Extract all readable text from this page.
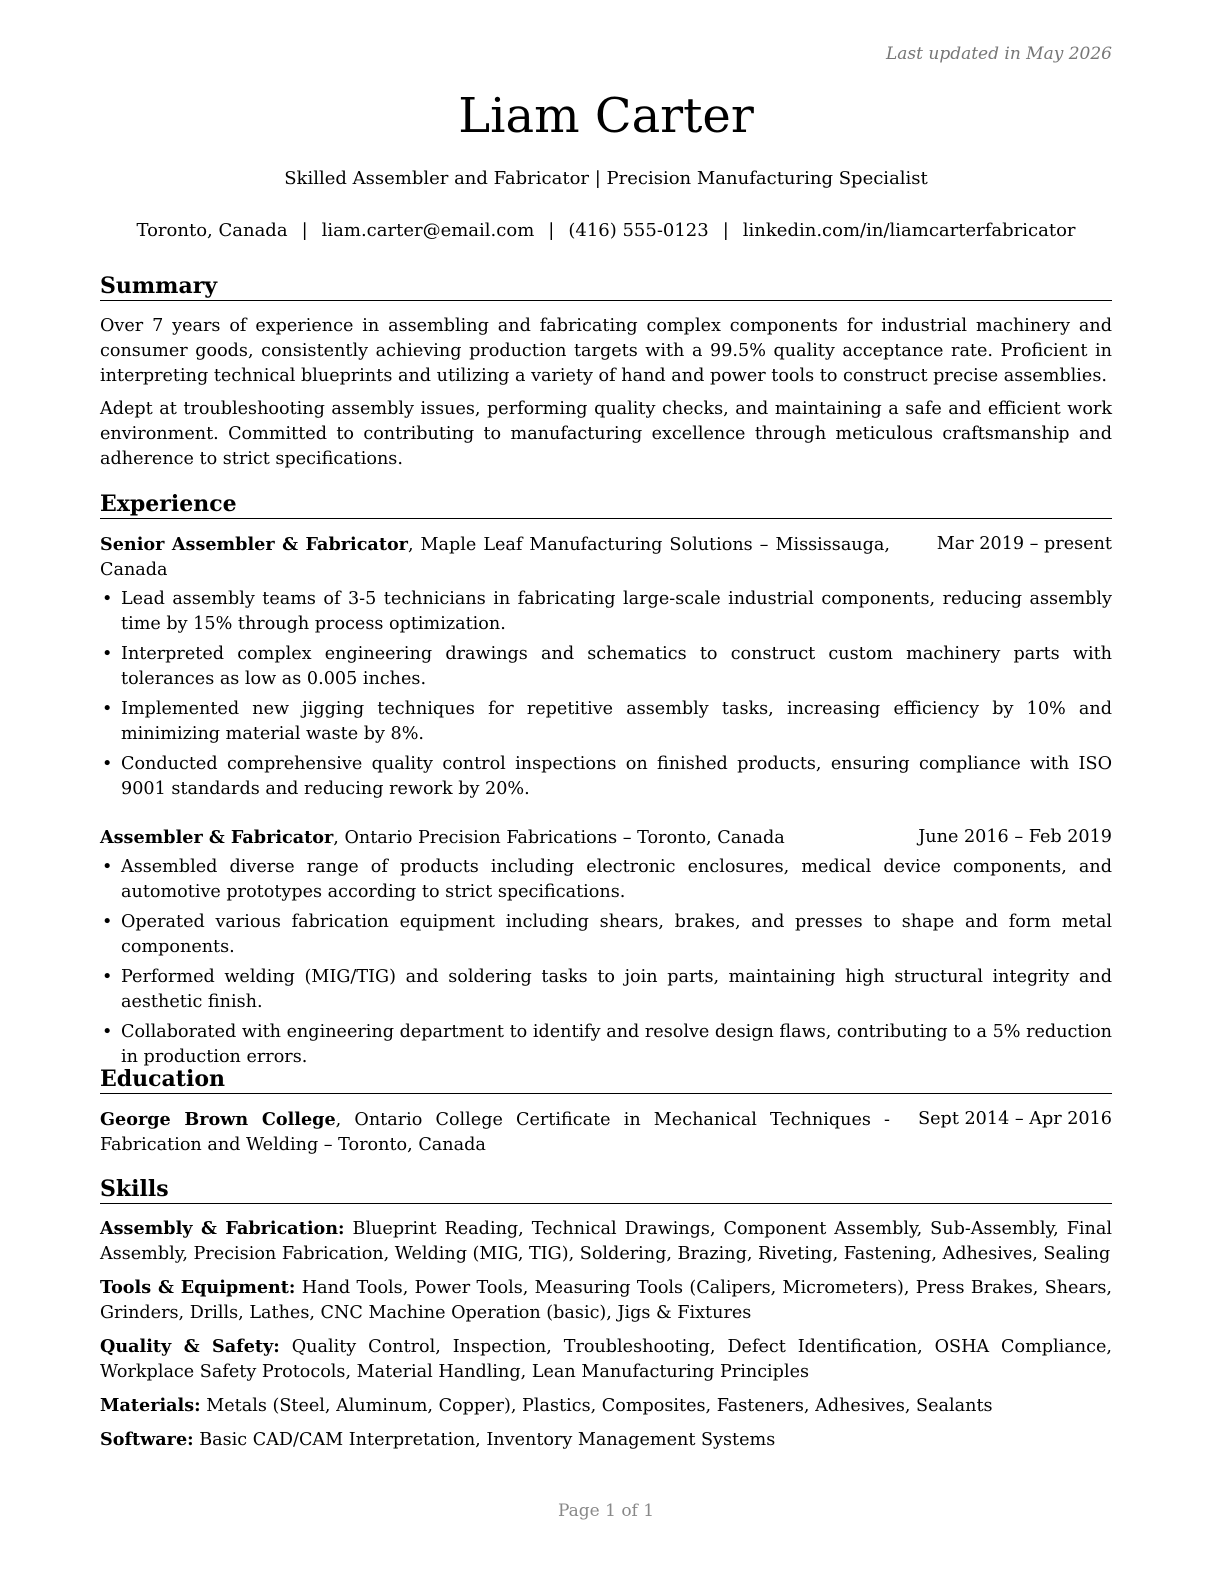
Last updated in May 2026
Liam Carter
Skilled Assembler and Fabricator | Precision Manufacturing Specialist
Toronto, Canada | liam.carter@email.com | (416) 555-0123 | linkedin.com/in/liamcarterfabricator
Summary

Over 7 years of experience in assembling and fabricating complex components for industrial machinery and consumer goods, consistently achieving production targets with a 99.5% quality acceptance rate. Proficient in interpreting technical blueprints and utilizing a variety of hand and power tools to construct precise assemblies.

Adept at troubleshooting assembly issues, performing quality checks, and maintaining a safe and efficient work environment. Committed to contributing to manufacturing excellence through meticulous craftsmanship and adherence to strict specifications.

Experience
Senior Assembler & Fabricator, Maple Leaf Manufacturing Solutions – Mississauga, Canada
Mar 2019 – present
• Lead assembly teams of 3-5 technicians in fabricating large-scale industrial components, reducing assembly time by 15% through process optimization.
• Interpreted complex engineering drawings and schematics to construct custom machinery parts with tolerances as low as 0.005 inches.
• Implemented new jigging techniques for repetitive assembly tasks, increasing efficiency by 10% and minimizing material waste by 8%.
• Conducted comprehensive quality control inspections on finished products, ensuring compliance with ISO 9001 standards and reducing rework by 20%.
Assembler & Fabricator, Ontario Precision Fabrications – Toronto, Canada	June 2016 – Feb 2019
• Assembled diverse range of products including electronic enclosures, medical device components, and automotive prototypes according to strict specifications.
• Operated various fabrication equipment including shears, brakes, and presses to shape and form metal components.
• Performed welding (MIG/TIG) and soldering tasks to join parts, maintaining high structural integrity and aesthetic finish.
• Collaborated with engineering department to identify and resolve design flaws, contributing to a 5% reduction in production errors.
Education
George Brown College, Ontario College Certificate in Mechanical Techniques - Fabrication and Welding – Toronto, Canada
Sept 2014 – Apr 2016
Skills

Assembly & Fabrication: Blueprint Reading, Technical Drawings, Component Assembly, Sub-Assembly, Final Assembly, Precision Fabrication, Welding (MIG, TIG), Soldering, Brazing, Riveting, Fastening, Adhesives, Sealing

Tools & Equipment: Hand Tools, Power Tools, Measuring Tools (Calipers, Micrometers), Press Brakes, Shears, Grinders, Drills, Lathes, CNC Machine Operation (basic), Jigs & Fixtures

Quality & Safety: Quality Control, Inspection, Troubleshooting, Defect Identification, OSHA Compliance, Workplace Safety Protocols, Material Handling, Lean Manufacturing Principles

Materials: Metals (Steel, Aluminum, Copper), Plastics, Composites, Fasteners, Adhesives, Sealants

Software: Basic CAD/CAM Interpretation, Inventory Management Systems

Page 1 of 1
